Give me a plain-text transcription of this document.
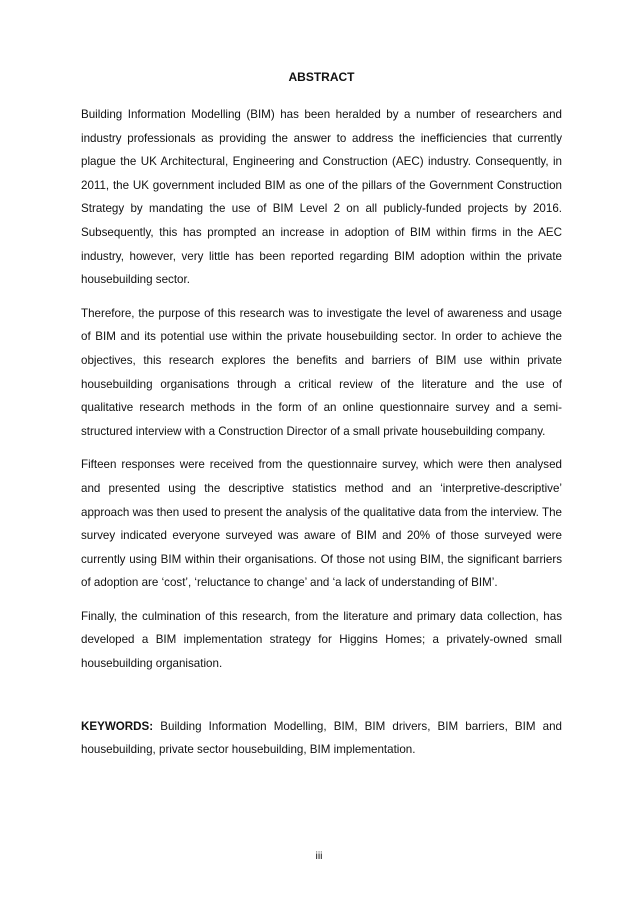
ABSTRACT

Building Information Modelling (BIM) has been heralded by a number of researchers and industry professionals as providing the answer to address the inefficiencies that currently plague the UK Architectural, Engineering and Construction (AEC) industry. Consequently, in 2011, the UK government included BIM as one of the pillars of the Government Construction Strategy by mandating the use of BIM Level 2 on all publicly-funded projects by 2016. Subsequently, this has prompted an increase in adoption of BIM within firms in the AEC industry, however, very little has been reported regarding BIM adoption within the private housebuilding sector.

Therefore, the purpose of this research was to investigate the level of awareness and usage of BIM and its potential use within the private housebuilding sector. In order to achieve the objectives, this research explores the benefits and barriers of BIM use within private housebuilding organisations through a critical review of the literature and the use of qualitative research methods in the form of an online questionnaire survey and a semi-structured interview with a Construction Director of a small private housebuilding company.

Fifteen responses were received from the questionnaire survey, which were then analysed and presented using the descriptive statistics method and an ‘interpretive-descriptive’ approach was then used to present the analysis of the qualitative data from the interview. The survey indicated everyone surveyed was aware of BIM and 20% of those surveyed were currently using BIM within their organisations. Of those not using BIM, the significant barriers of adoption are ‘cost’, ‘reluctance to change’ and ‘a lack of understanding of BIM’.

Finally, the culmination of this research, from the literature and primary data collection, has developed a BIM implementation strategy for Higgins Homes; a privately-owned small housebuilding organisation.

KEYWORDS: Building Information Modelling, BIM, BIM drivers, BIM barriers, BIM and housebuilding, private sector housebuilding, BIM implementation.

iii
